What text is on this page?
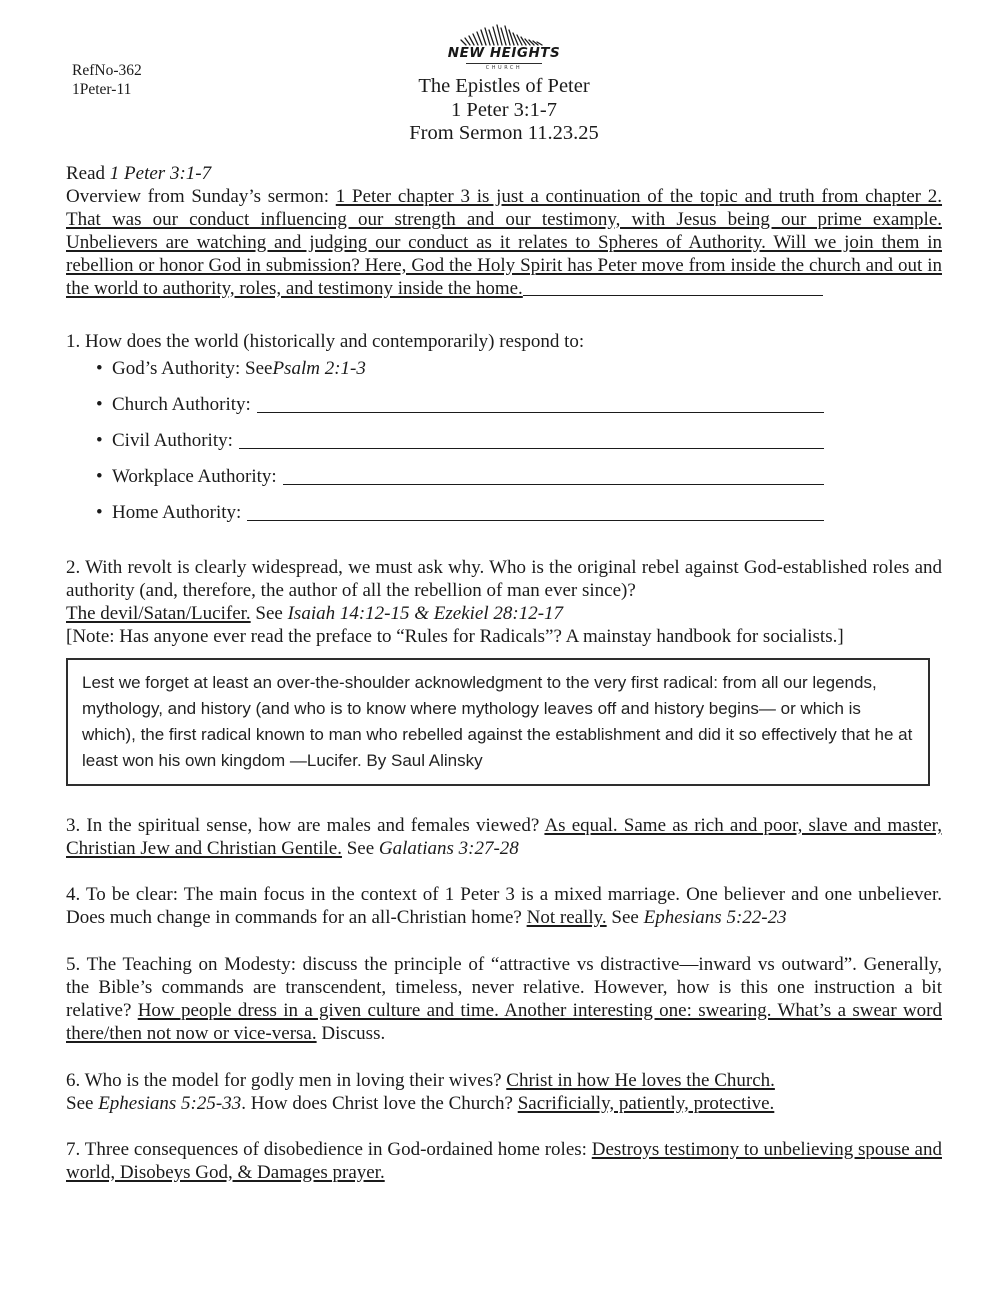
RefNo-362
1Peter-11
NEW HEIGHTS
CHURCH
The Epistles of Peter
1 Peter 3:1-7
From Sermon 11.23.25

Read 1 Peter 3:1-7
Overview from Sunday’s sermon: 1 Peter chapter 3 is just a continuation of the topic and truth from chapter 2. That was our conduct influencing our strength and our testimony, with Jesus being our prime example. Unbelievers are watching and judging our conduct as it relates to Spheres of Authority. Will we join them in rebellion or honor God in submission? Here, God the Holy Spirit has Peter move from inside the church and out in the world to authority, roles, and testimony inside the home.

1. How does the world (historically and contemporarily) respond to:

• God’s Authority: See Psalm 2:1-3
• Church Authority:
• Civil Authority:
• Workplace Authority:
• Home Authority:

2. With revolt is clearly widespread, we must ask why. Who is the original rebel against God-established roles and authority (and, therefore, the author of all the rebellion of man ever since)?
The devil/Satan/Lucifer. See Isaiah 14:12-15 & Ezekiel 28:12-17
[Note: Has anyone ever read the preface to “Rules for Radicals”? A mainstay handbook for socialists.]

Lest we forget at least an over-the-shoulder acknowledgment to the very first radical: from all our legends, mythology, and history (and who is to know where mythology leaves off and history begins— or which is which), the first radical known to man who rebelled against the establishment and did it so effectively that he at least won his own kingdom —Lucifer. By Saul Alinsky

3. In the spiritual sense, how are males and females viewed? As equal. Same as rich and poor, slave and master, Christian Jew and Christian Gentile. See Galatians 3:27-28

4. To be clear: The main focus in the context of 1 Peter 3 is a mixed marriage. One believer and one unbeliever. Does much change in commands for an all-Christian home? Not really. See Ephesians 5:22-23

5. The Teaching on Modesty: discuss the principle of “attractive vs distractive—inward vs outward”. Generally, the Bible’s commands are transcendent, timeless, never relative. However, how is this one instruction a bit relative? How people dress in a given culture and time. Another interesting one: swearing. What’s a swear word there/then not now or vice-versa. Discuss.

6. Who is the model for godly men in loving their wives? Christ in how He loves the Church.
See Ephesians 5:25-33. How does Christ love the Church? Sacrificially, patiently, protective.

7. Three consequences of disobedience in God-ordained home roles: Destroys testimony to unbelieving spouse and world, Disobeys God, & Damages prayer.
